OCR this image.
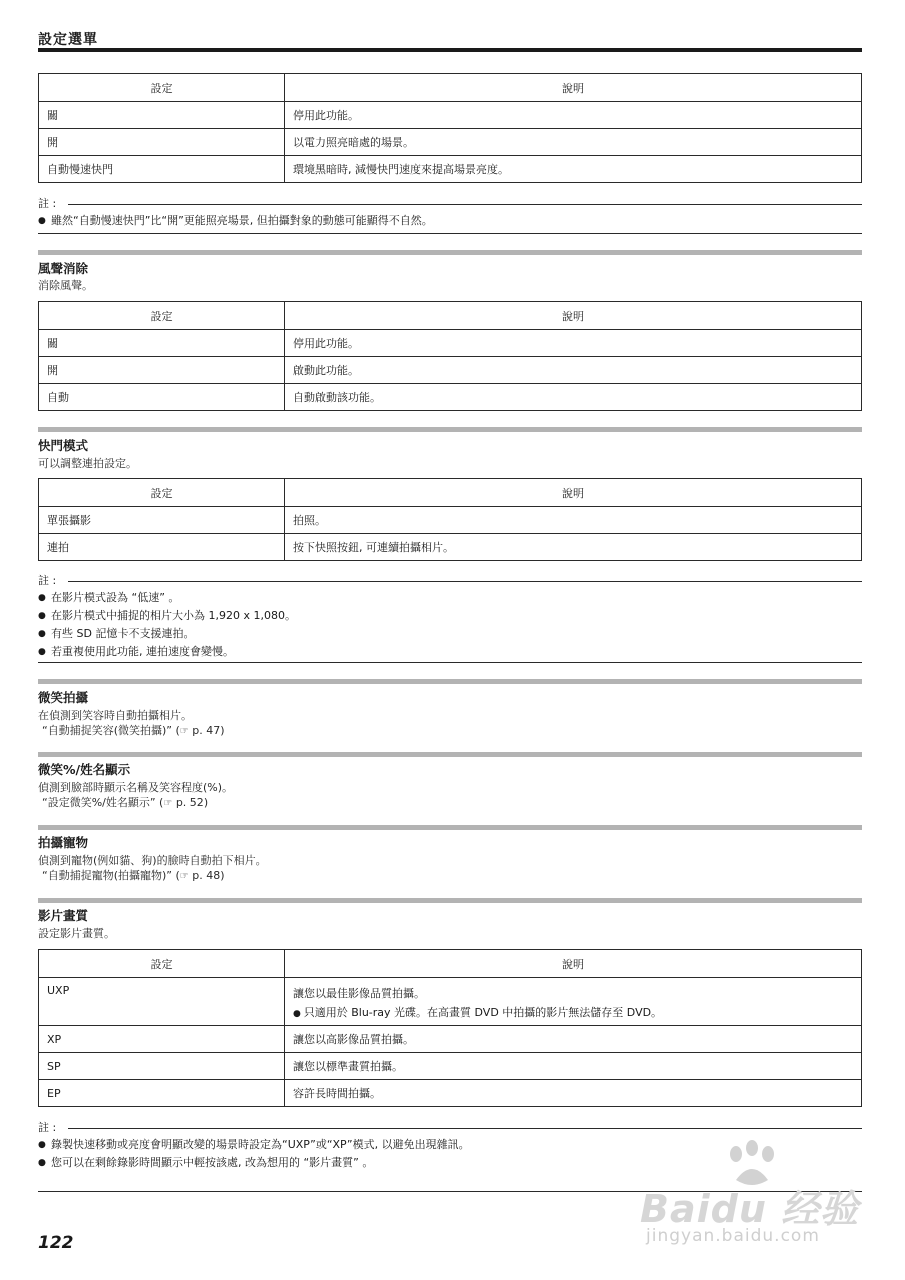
設定選單
設定	說明
關	停用此功能。
開	以電力照亮暗處的場景。
自動慢速快門	環境黑暗時, 減慢快門速度來提高場景亮度。
註 :
● 雖然“自動慢速快門”比“開”更能照亮場景, 但拍攝對象的動態可能顯得不自然。
風聲消除
消除風聲。
設定	說明
關	停用此功能。
開	啟動此功能。
自動	自動啟動該功能。
快門模式
可以調整連拍設定。
設定	說明
單張攝影	拍照。
連拍	按下快照按鈕, 可連續拍攝相片。
註 :
● 在影片模式設為 “低速” 。
● 在影片模式中捕捉的相片大小為 1,920 x 1,080。
● 有些 SD 記憶卡不支援連拍。
● 若重複使用此功能, 連拍速度會變慢。
微笑拍攝
在偵測到笑容時自動拍攝相片。
“自動捕捉笑容(微笑拍攝)” (☞ p. 47)
微笑%/姓名顯示
偵測到臉部時顯示名稱及笑容程度(%)。
“設定微笑%/姓名顯示” (☞ p. 52)
拍攝寵物
偵測到寵物(例如貓、狗)的臉時自動拍下相片。
“自動捕捉寵物(拍攝寵物)” (☞ p. 48)
影片畫質
設定影片畫質。
設定	說明
UXP	讓您以最佳影像品質拍攝。
● 只適用於 Blu-ray 光碟。在高畫質 DVD 中拍攝的影片無法儲存至 DVD。

XP	讓您以高影像品質拍攝。
SP	讓您以標準畫質拍攝。
EP	容許長時間拍攝。
註 :
● 錄製快速移動或亮度會明顯改變的場景時設定為“UXP”或“XP”模式, 以避免出現雜訊。
● 您可以在剩餘錄影時間顯示中輕按該處, 改為想用的 “影片畫質” 。
122
Baidu 经验
jingyan.baidu.com
